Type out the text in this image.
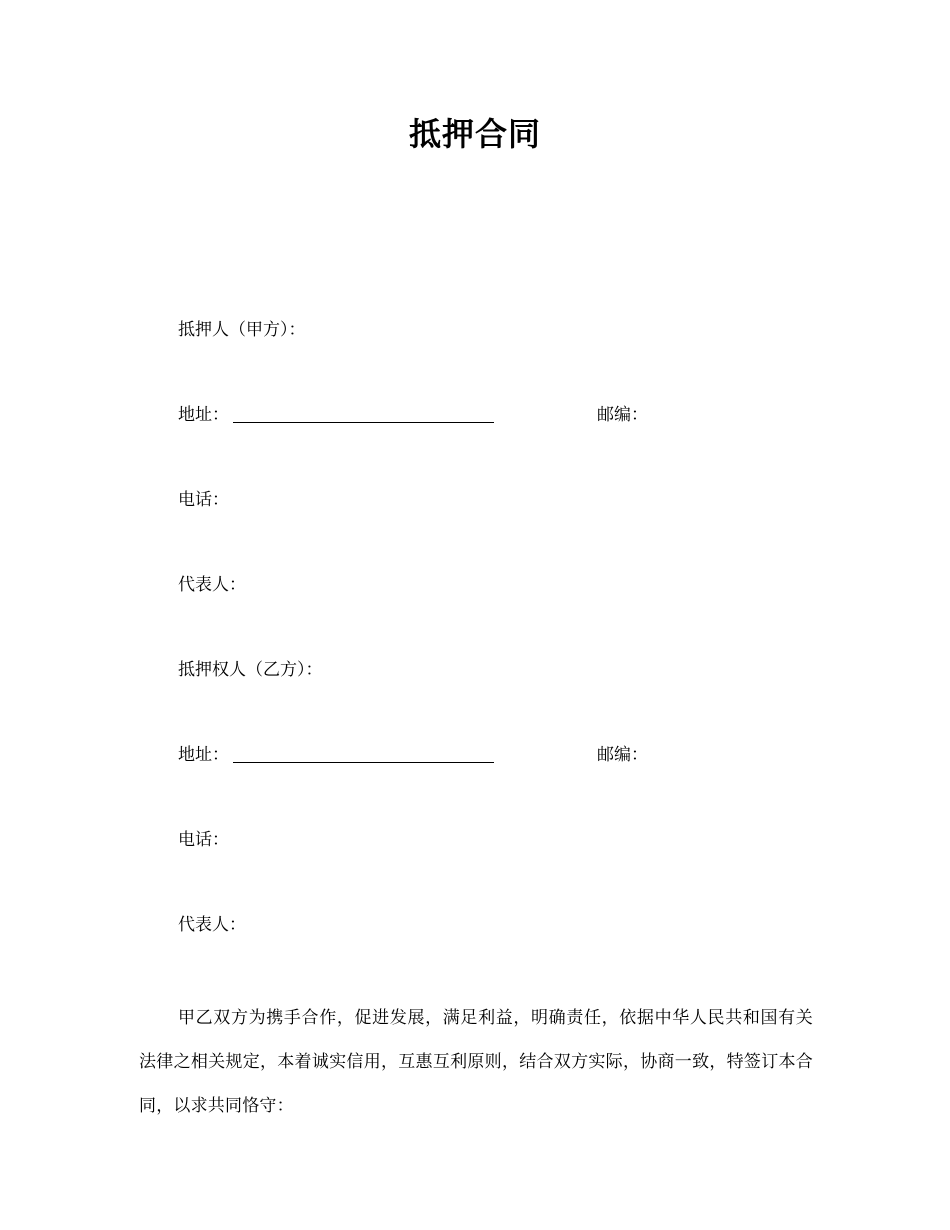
抵押合同
抵押人（甲方）：
地址：	邮编：
电话：
代表人：
抵押权人（乙方）：
地址：	邮编：
电话：
代表人：
甲乙双方为携手合作，促进发展，满足利益，明确责任，依据中华人民共和国有关法律之相关规定，本着诚实信用，互惠互利原则，结合双方实际，协商一致，特签订本合同，以求共同恪守：
